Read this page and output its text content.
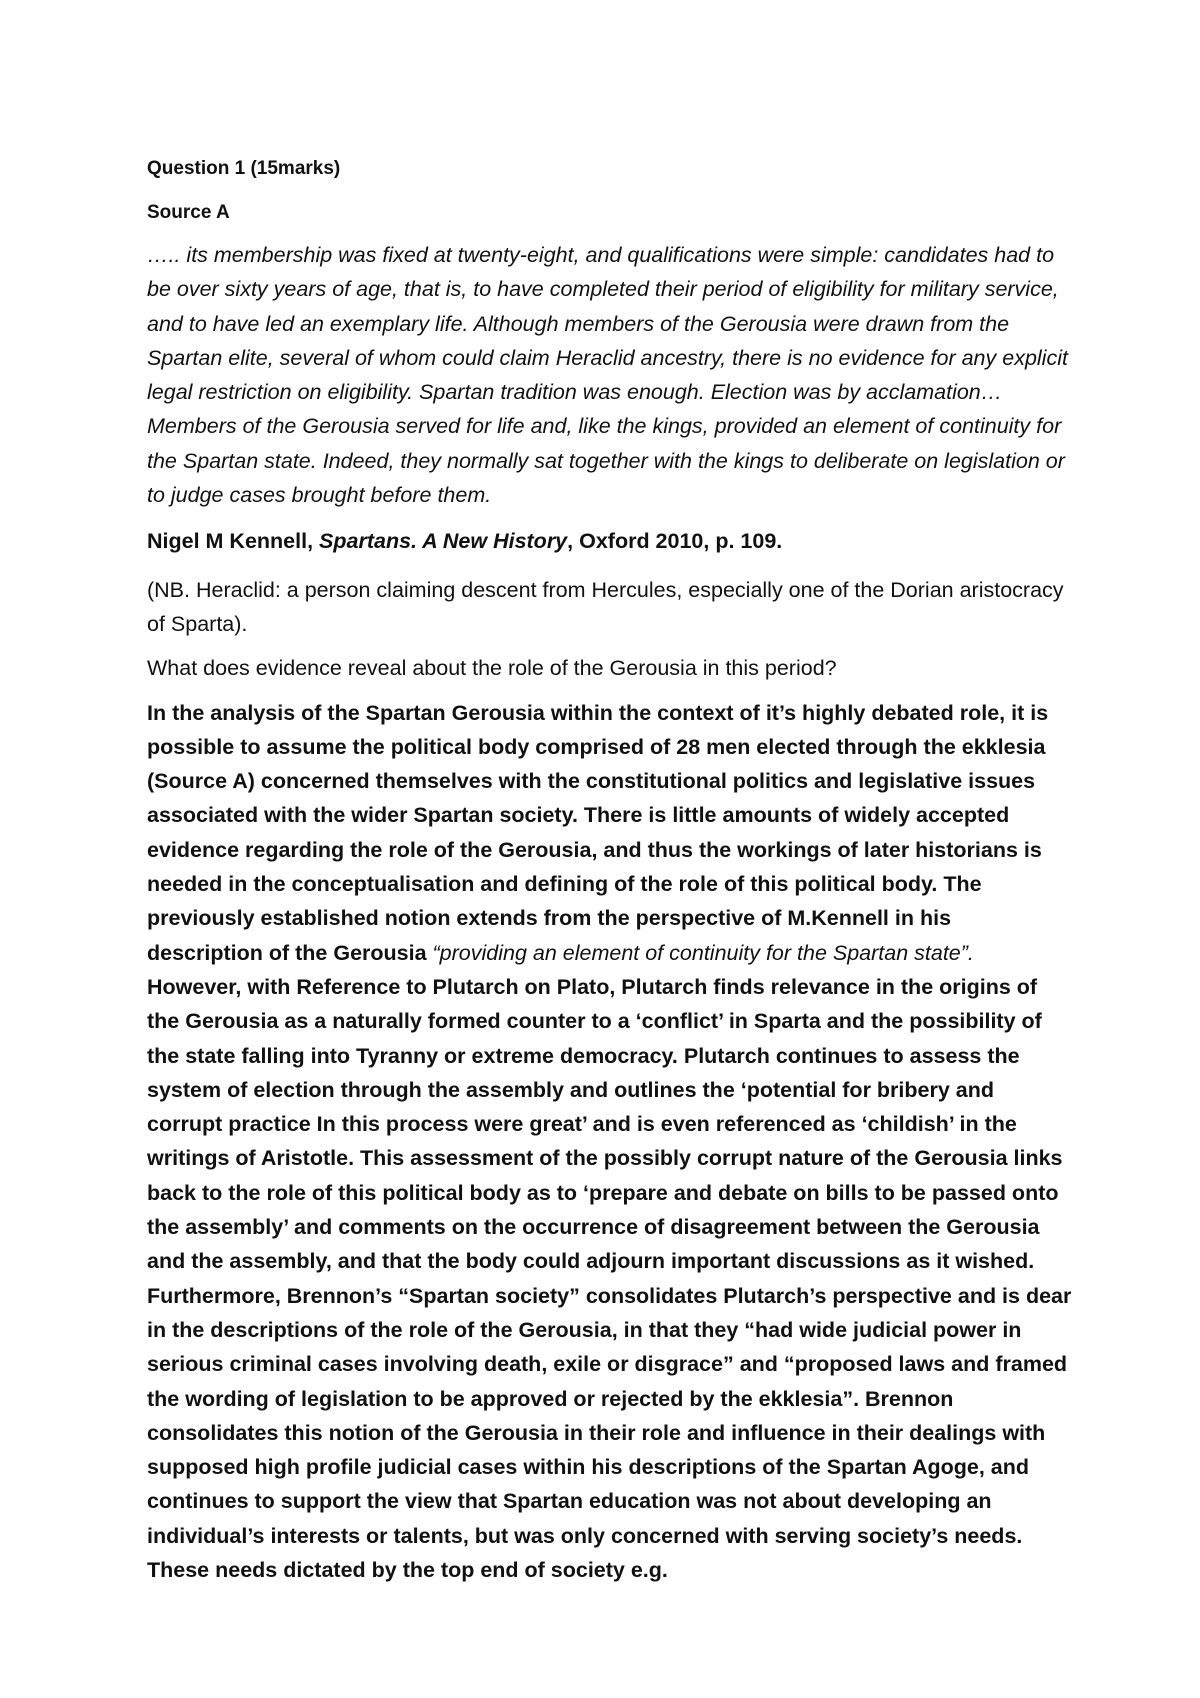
Question 1 (15marks)

Source A

….. its membership was fixed at twenty-eight, and qualifications were simple: candidates had to be over sixty years of age, that is, to have completed their period of eligibility for military service, and to have led an exemplary life. Although members of the Gerousia were drawn from the Spartan elite, several of whom could claim Heraclid ancestry, there is no evidence for any explicit legal restriction on eligibility. Spartan tradition was enough. Election was by acclamation…Members of the Gerousia served for life and, like the kings, provided an element of continuity for the Spartan state. Indeed, they normally sat together with the kings to deliberate on legislation or to judge cases brought before them.

Nigel M Kennell, Spartans. A New History, Oxford 2010, p. 109.

(NB. Heraclid: a person claiming descent from Hercules, especially one of the Dorian aristocracy of Sparta).

What does evidence reveal about the role of the Gerousia in this period?

In the analysis of the Spartan Gerousia within the context of it’s highly debated role, it is possible to assume the political body comprised of 28 men elected through the ekklesia (Source A) concerned themselves with the constitutional politics and legislative issues associated with the wider Spartan society. There is little amounts of widely accepted evidence regarding the role of the Gerousia, and thus the workings of later historians is needed in the conceptualisation and defining of the role of this political body. The previously established notion extends from the perspective of M.Kennell in his description of the Gerousia “providing an element of continuity for the Spartan state”. However, with Reference to Plutarch on Plato, Plutarch finds relevance in the origins of the Gerousia as a naturally formed counter to a ‘conflict’ in Sparta and the possibility of the state falling into Tyranny or extreme democracy. Plutarch continues to assess the system of election through the assembly and outlines the ‘potential for bribery and corrupt practice In this process were great’ and is even referenced as ‘childish’ in the writings of Aristotle. This assessment of the possibly corrupt nature of the Gerousia links back to the role of this political body as to ‘prepare and debate on bills to be passed onto the assembly’ and comments on the occurrence of disagreement between the Gerousia and the assembly, and that the body could adjourn important discussions as it wished. Furthermore, Brennon’s “Spartan society” consolidates Plutarch’s perspective and is dear in the descriptions of the role of the Gerousia, in that they “had wide judicial power in serious criminal cases involving death, exile or disgrace” and “proposed laws and framed the wording of legislation to be approved or rejected by the ekklesia”. Brennon consolidates this notion of the Gerousia in their role and influence in their dealings with supposed high profile judicial cases within his descriptions of the Spartan Agoge, and continues to support the view that Spartan education was not about developing an individual’s interests or talents, but was only concerned with serving society’s needs. These needs dictated by the top end of society e.g.
